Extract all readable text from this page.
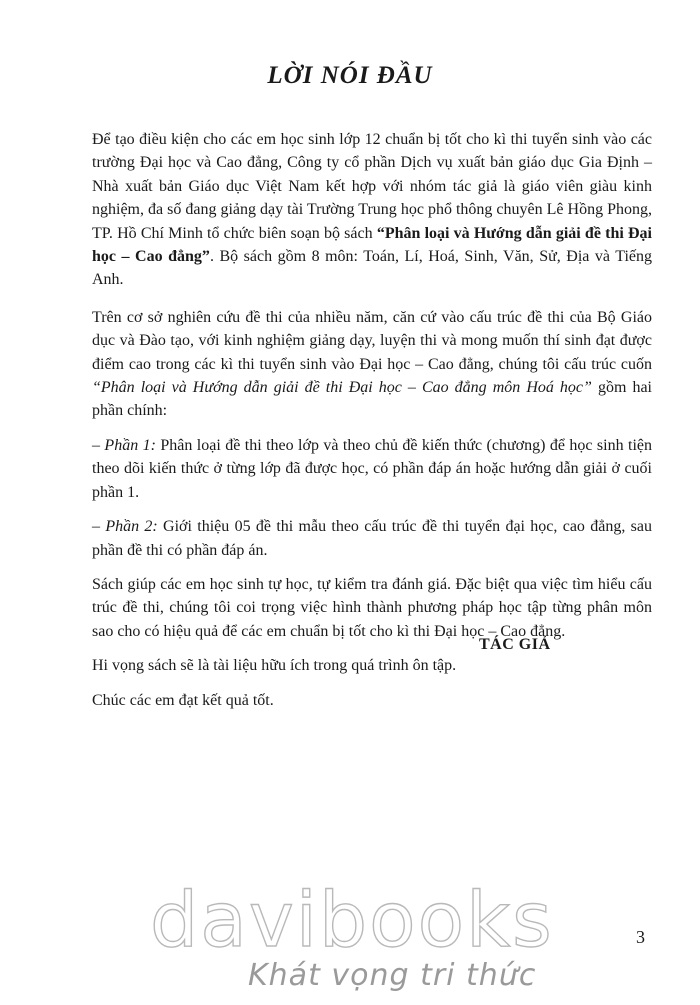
LỜI NÓI ĐẦU

Để tạo điều kiện cho các em học sinh lớp 12 chuẩn bị tốt cho kì thi tuyển sinh vào các trường Đại học và Cao đẳng, Công ty cổ phần Dịch vụ xuất bản giáo dục Gia Định – Nhà xuất bản Giáo dục Việt Nam kết hợp với nhóm tác giả là giáo viên giàu kinh nghiệm, đa số đang giảng dạy tài Trường Trung học phổ thông chuyên Lê Hồng Phong, TP. Hồ Chí Minh tổ chức biên soạn bộ sách “Phân loại và Hướng dẫn giải đề thi Đại học – Cao đẳng”. Bộ sách gồm 8 môn: Toán, Lí, Hoá, Sinh, Văn, Sử, Địa và Tiếng Anh.

Trên cơ sở nghiên cứu đề thi của nhiều năm, căn cứ vào cấu trúc đề thi của Bộ Giáo dục và Đào tạo, với kinh nghiệm giảng dạy, luyện thi và mong muốn thí sinh đạt được điểm cao trong các kì thi tuyển sinh vào Đại học – Cao đẳng, chúng tôi cấu trúc cuốn “Phân loại và Hướng dẫn giải đề thi Đại học – Cao đẳng môn Hoá học” gồm hai phần chính:

– Phần 1: Phân loại đề thi theo lớp và theo chủ đề kiến thức (chương) để học sinh tiện theo dõi kiến thức ở từng lớp đã được học, có phần đáp án hoặc hướng dẫn giải ở cuối phần 1.

– Phần 2: Giới thiệu 05 đề thi mẫu theo cấu trúc đề thi tuyển đại học, cao đẳng, sau phần đề thi có phần đáp án.

Sách giúp các em học sinh tự học, tự kiểm tra đánh giá. Đặc biệt qua việc tìm hiểu cấu trúc đề thi, chúng tôi coi trọng việc hình thành phương pháp học tập từng phân môn sao cho có hiệu quả để các em chuẩn bị tốt cho kì thi Đại học – Cao đẳng.

Hi vọng sách sẽ là tài liệu hữu ích trong quá trình ôn tập.

Chúc các em đạt kết quả tốt.

TÁC GIẢ
davibooks
Khát vọng tri thức
3
